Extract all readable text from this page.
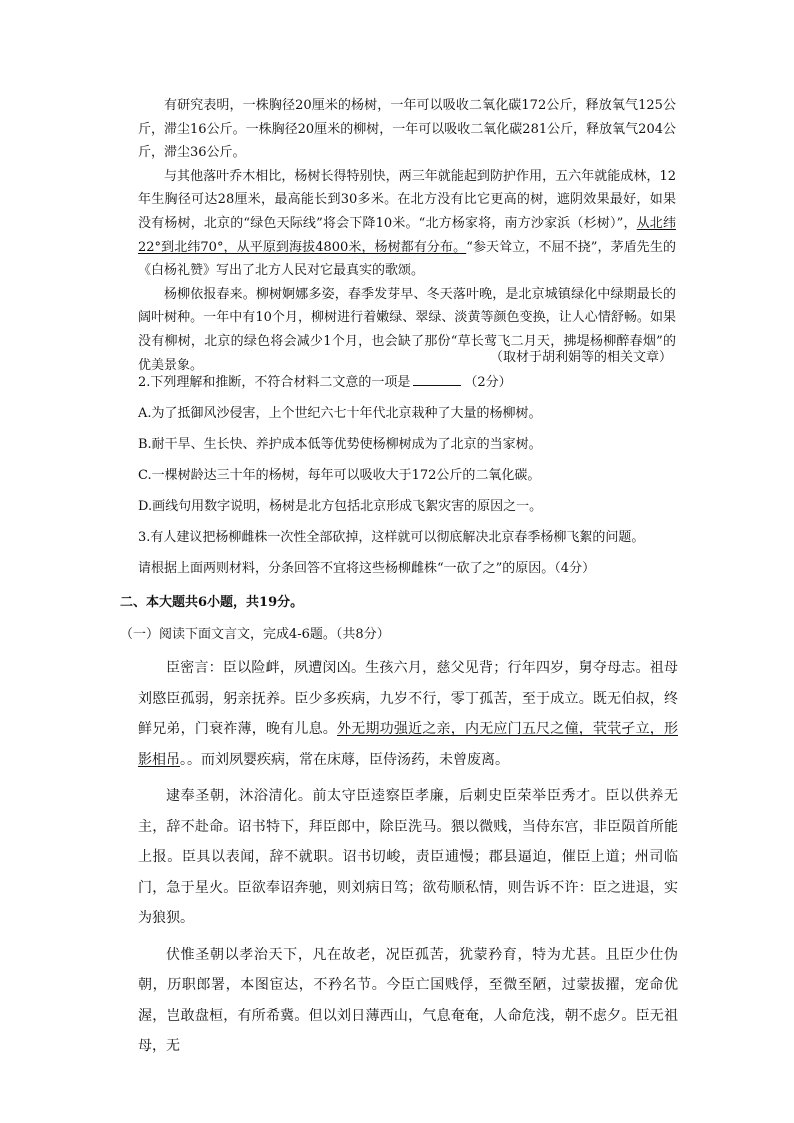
有研究表明，一株胸径20厘米的杨树，一年可以吸收二氧化碳172公斤，释放氧气125公斤，滞尘16公斤。一株胸径20厘米的柳树，一年可以吸收二氧化碳281公斤，释放氧气204公斤，滞尘36公斤。

与其他落叶乔木相比，杨树长得特别快，两三年就能起到防护作用，五六年就能成林，12年生胸径可达28厘米，最高能长到30多米。在北方没有比它更高的树，遮阴效果最好，如果没有杨树，北京的“绿色天际线”将会下降10米。“北方杨家将，南方沙家浜（杉树）”，从北纬22°到北纬70°，从平原到海拔4800米，杨树都有分布。“参天耸立，不屈不挠”，茅盾先生的《白杨礼赞》写出了北方人民对它最真实的歌颂。

杨柳依报春来。柳树婀娜多姿，春季发芽早、冬天落叶晚，是北京城镇绿化中绿期最长的阔叶树种。一年中有10个月，柳树进行着嫩绿、翠绿、淡黄等颜色变换，让人心情舒畅。如果没有柳树，北京的绿色将会减少1个月，也会缺了那份“草长莺飞二月天，拂堤杨柳醉春烟”的优美景象。

（取材于胡利娟等的相关文章）
2.下列理解和推断，不符合材料二文意的一项是	（2分）
A.为了抵御风沙侵害，上个世纪六七十年代北京栽种了大量的杨柳树。
B.耐干旱、生长快、养护成本低等优势使杨柳树成为了北京的当家树。
C.一棵树龄达三十年的杨树，每年可以吸收大于172公斤的二氧化碳。
D.画线句用数字说明，杨树是北方包括北京形成飞絮灾害的原因之一。
3.有人建议把杨柳雌株一次性全部砍掉，这样就可以彻底解决北京春季杨柳飞絮的问题。
请根据上面两则材料，分条回答不宜将这些杨柳雌株“一砍了之”的原因。（4分）
二、本大题共6小题，共19分。
（一）阅读下面文言文，完成4-6题。（共8分）

臣密言：臣以险衅，夙遭闵凶。生孩六月，慈父见背；行年四岁，舅夺母志。祖母刘愍臣孤弱，躬亲抚养。臣少多疾病，九岁不行，零丁孤苦，至于成立。既无伯叔，终鲜兄弟，门衰祚薄，晚有儿息。外无期功强近之亲，内无应门五尺之僮，茕茕孑立，形影相吊。。而刘夙婴疾病，常在床蓐，臣侍汤药，未曾废离。

逮奉圣朝，沐浴清化。前太守臣逵察臣孝廉，后刺史臣荣举臣秀才。臣以供养无主，辞不赴命。诏书特下，拜臣郎中，除臣洗马。猥以微贱，当侍东宫，非臣陨首所能上报。臣具以表闻，辞不就职。诏书切峻，责臣逋慢；郡县逼迫，催臣上道；州司临门，急于星火。臣欲奉诏奔驰，则刘病日笃；欲苟顺私情，则告诉不许：臣之进退，实为狼狈。

伏惟圣朝以孝治天下，凡在故老，况臣孤苦，犹蒙矜育，特为尤甚。且臣少仕伪朝，历职郎署，本图宦达，不矜名节。今臣亡国贱俘，至微至陋，过蒙拔擢，宠命优渥，岂敢盘桓，有所希冀。但以刘日薄西山，气息奄奄，人命危浅，朝不虑夕。臣无祖母，无
